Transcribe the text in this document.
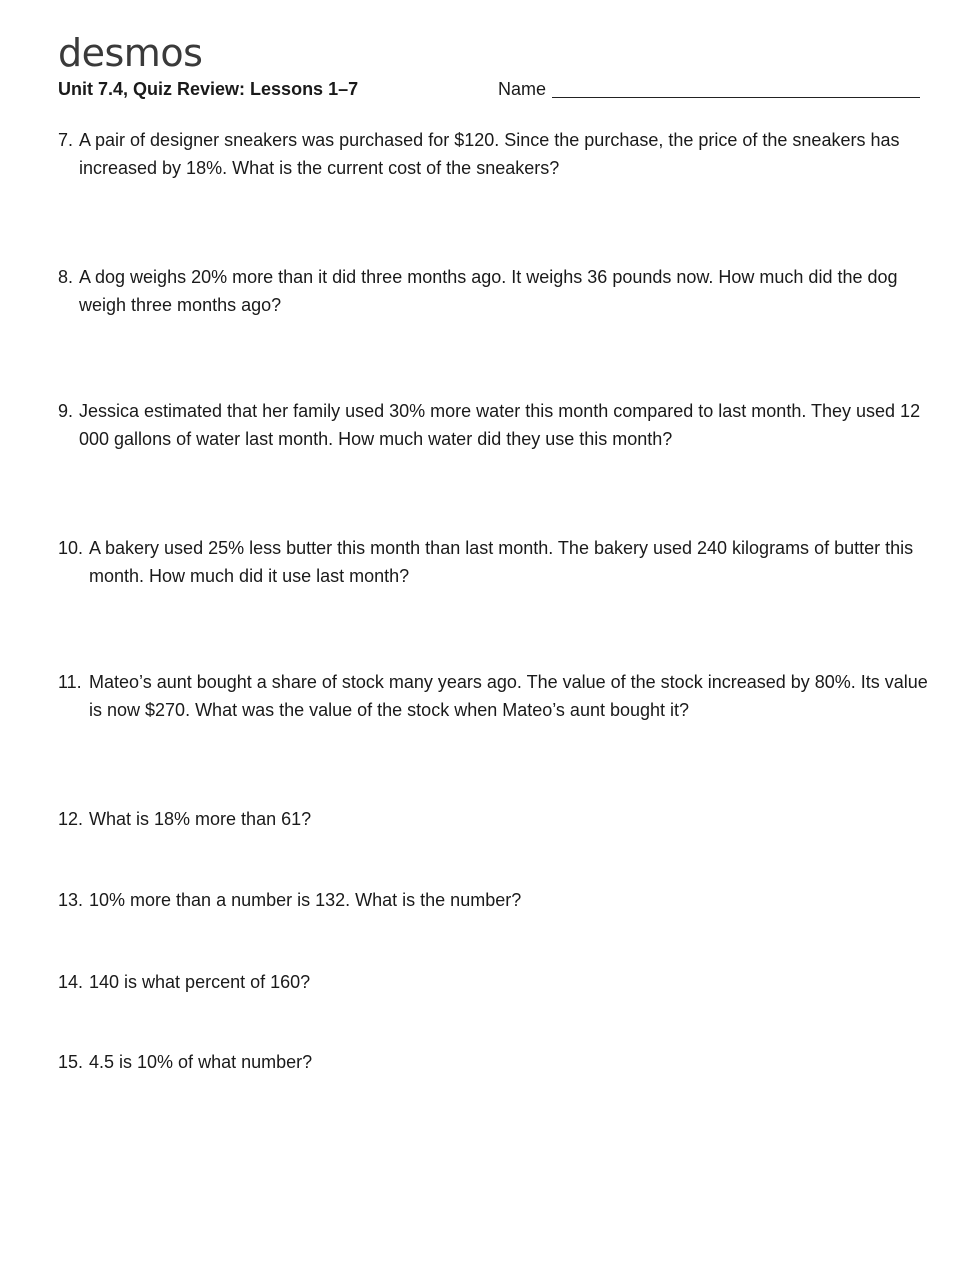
desmos
Unit 7.4, Quiz Review: Lessons 1–7	Name
7. A pair of designer sneakers was purchased for $120. Since the purchase, the price of the sneakers has increased by 18%. What is the current cost of the sneakers?
8. A dog weighs 20% more than it did three months ago. It weighs 36 pounds now. How much did the dog weigh three months ago?
9. Jessica estimated that her family used 30% more water this month compared to last month. They used 12 000 gallons of water last month. How much water did they use this month?
10. A bakery used 25% less butter this month than last month. The bakery used 240 kilograms of butter this month. How much did it use last month?
11. Mateo’s aunt bought a share of stock many years ago. The value of the stock increased by 80%. Its value is now $270. What was the value of the stock when Mateo’s aunt bought it?
12. What is 18% more than 61?
13. 10% more than a number is 132. What is the number?
14. 140 is what percent of 160?
15. 4.5 is 10% of what number?
